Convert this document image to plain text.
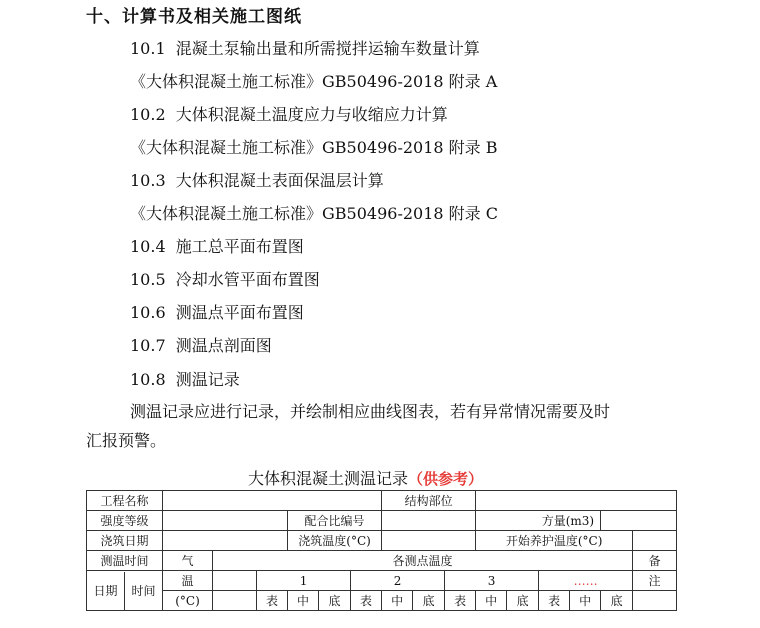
十、计算书及相关施工图纸
10.1 混凝土泵输出量和所需搅拌运输车数量计算
《大体积混凝土施工标准》GB50496-2018 附录 A
10.2 大体积混凝土温度应力与收缩应力计算
《大体积混凝土施工标准》GB50496-2018 附录 B
10.3 大体积混凝土表面保温层计算
《大体积混凝土施工标准》GB50496-2018 附录 C
10.4 施工总平面布置图
10.5 冷却水管平面布置图
10.6 测温点平面布置图
10.7 测温点剖面图
10.8 测温记录
测温记录应进行记录，并绘制相应曲线图表，若有异常情况需要及时
汇报预警。
大体积混凝土测温记录（供参考）
工程名称							结构部位								
强度等级				配合比编号						方量(m3)					
浇筑日期				浇筑温度(°C)						开始养护温度(°C)					
测温时间	气	各测点温度													备

日期 时间	温		1			2			3			……			注
	(°C)		表	中	底	表	中	底	表	中	底	表	中	底	
